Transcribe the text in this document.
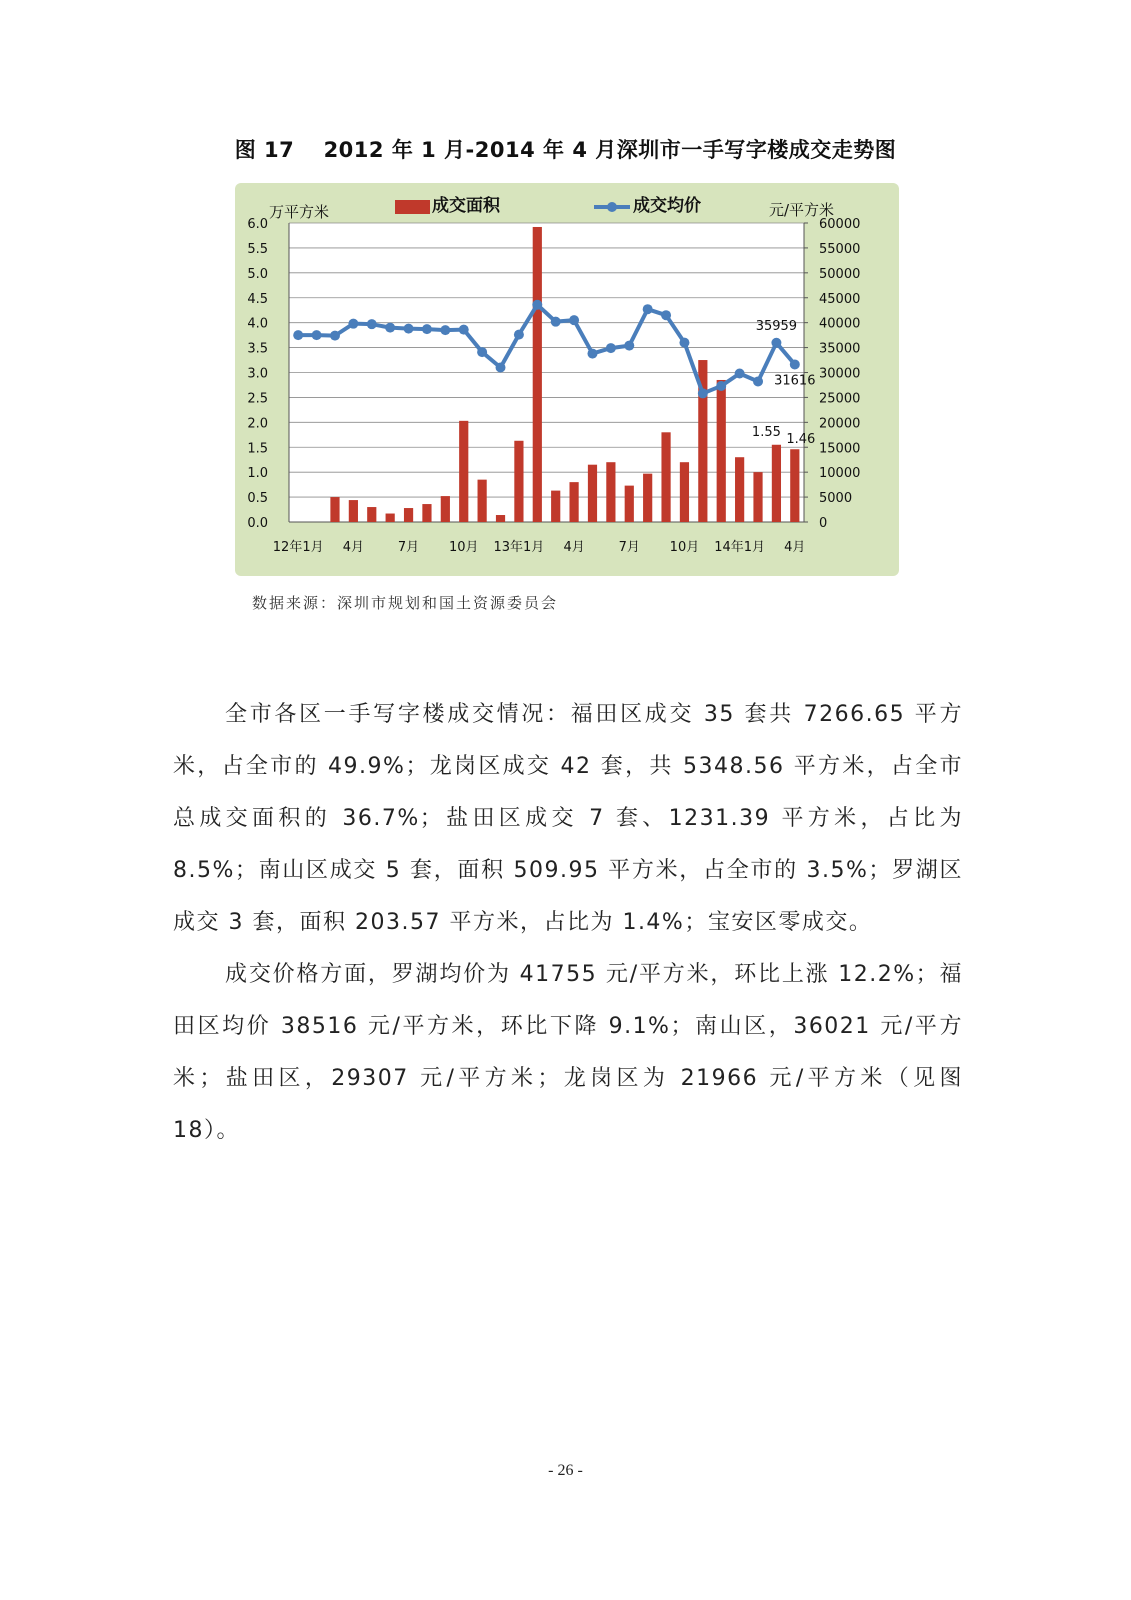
图 17　 2012 年 1 月-2014 年 4 月深圳市一手写字楼成交走势图
0.0
0.5
1.0
1.5
2.0
2.5
3.0
3.5
4.0
4.5
5.0
5.5
6.0
0
5000
10000
15000
20000
25000
30000
35000
40000
45000
50000
55000
60000
12年1月 4月	7月 10月 13年1月 4月	7月 10月 14年1月 4月
35959
31616
1.55 1.46
万平方米	元/平方米
成交面积	成交均价
数据来源：深圳市规划和国土资源委员会
全市各区一手写字楼成交情况：福田区成交 35 套共 7266.65 平方米，占全市的 49.9%；龙岗区成交 42 套，共 5348.56 平方米，占全市总成交面积的 36.7%；盐田区成交 7 套、1231.39 平方米，占比为 8.5%；南山区成交 5 套，面积 509.95 平方米，占全市的 3.5%；罗湖区成交 3 套，面积 203.57 平方米，占比为 1.4%；宝安区零成交。
成交价格方面，罗湖均价为 41755 元/平方米，环比上涨 12.2%；福田区均价 38516 元/平方米，环比下降 9.1%；南山区，36021 元/平方米；盐田区，29307 元/平方米；龙岗区为 21966 元/平方米（见图 18）。
- 26 -
